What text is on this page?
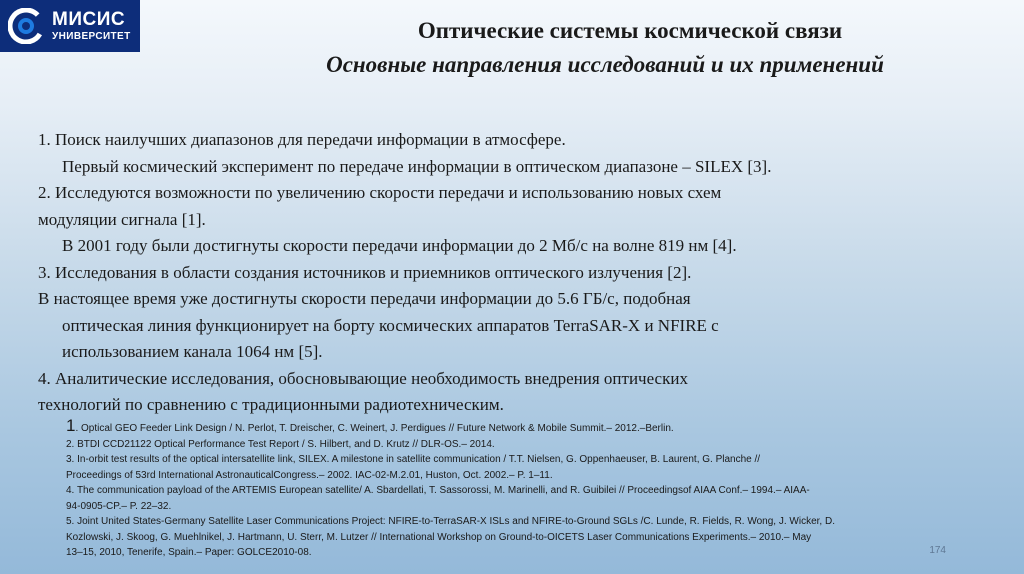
МИСИС
УНИВЕРСИТЕТ	Оптические системы космической связи
Основные направления исследований и их применений

1. Поиск наилучших диапазонов для передачи информации в атмосфере.

Первый космический эксперимент по передаче информации в оптическом диапазоне – SILEX [3].

2. Исследуются возможности по увеличению скорости передачи и использованию новых схем

модуляции сигнала [1].

В 2001 году были достигнуты скорости передачи информации до 2 Мб/с на волне 819 нм [4].

3. Исследования в области создания источников и приемников оптического излучения [2].

В настоящее время уже достигнуты скорости передачи информации до 5.6 ГБ/с, подобная

оптическая линия функционирует на борту космических аппаратов TerraSAR-X и NFIRE с

использованием канала 1064 нм [5].

4. Аналитические исследования, обосновывающие необходимость внедрения оптических

технологий по сравнению с традиционными радиотехническим.

1. Optical GEO Feeder Link Design / N. Perlot, T. Dreischer, C. Weinert, J. Perdigues // Future Network & Mobile Summit.– 2012.–Berlin.

2. BTDI CCD21122 Optical Performance Test Report / S. Hilbert, and D. Krutz // DLR-OS.– 2014.

3. In-orbit test results of the optical intersatellite link, SILEX. A milestone in satellite communication / T.T. Nielsen, G. Oppenhaeuser, B. Laurent, G. Planche //

Proceedings of 53rd International AstronauticalCongress.– 2002. IAC-02-M.2.01, Huston, Oct. 2002.– P. 1–11.

4. The communication payload of the ARTEMIS European satellite/ A. Sbardellati, T. Sassorossi, M. Marinelli, and R. Guibilei // Proceedingsof AIAA Conf.– 1994.– AIAA-

94-0905-CP.– P. 22–32.

5. Joint United States-Germany Satellite Laser Communications Project: NFIRE-to-TerraSAR-X ISLs and NFIRE-to-Ground SGLs /C. Lunde, R. Fields, R. Wong, J. Wicker, D.

Kozlowski, J. Skoog, G. Muehlnikel, J. Hartmann, U. Sterr, M. Lutzer // International Workshop on Ground-to-OICETS Laser Communications Experiments.– 2010.– May

13–15, 2010, Tenerife, Spain.– Paper: GOLCE2010-08.	174
